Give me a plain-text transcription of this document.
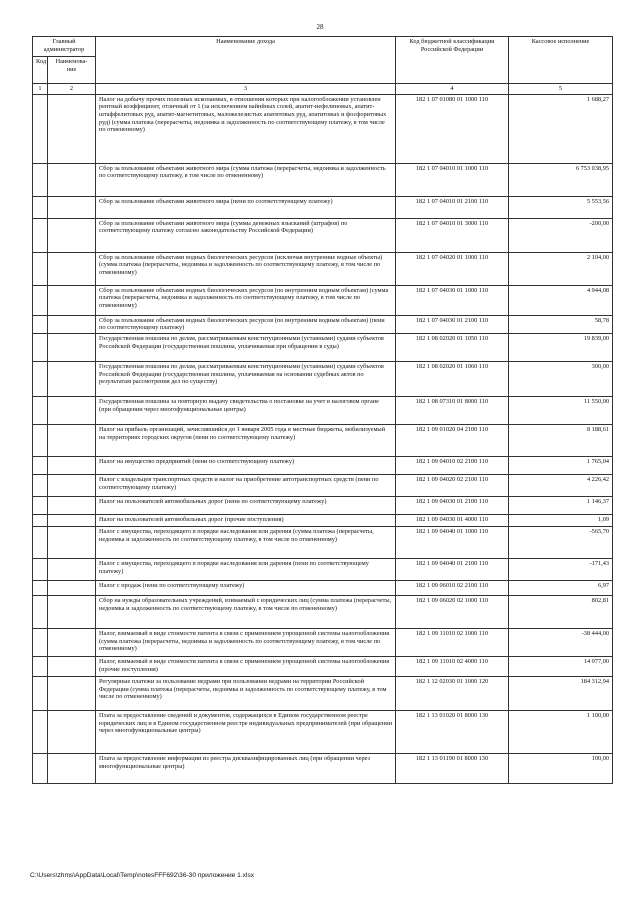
28
Главный администратор		Наименование дохода	Код бюджетной классификации Российской Федерации	Кассовое исполнение
Код	Наименова-ние			
1	2	3	4	5
		Налог на добычу прочих полезных ископаемых, в отношении которых при налогообложении установлен рентный коэффициент, отличный от 1 (за исключением вайнйных солей, апатит-нефелиновых, апатит-штаффелитовых руд, апатит-магнетитовых, маложелезистых апатитовых руд, апатитовых и фосфоритовых руд) (сумма платежа (перерасчеты, недоимка и задолженность по соответствующему платежу, в том числе по отмененному)	182 1 07 01080 01 1000 110	1 688,27
		Сбор за пользование объектами животного мира (сумма платежа (перерасчеты, недоимка и задолженность по соответствующему платежу, в том числе по отмененному)	182 1 07 04010 01 1000 110	6 753 038,95
		Сбор за пользование объектами животного мира (пени по соответствующему платежу)	182 1 07 04010 01 2100 110	5 553,56
		Сбор за пользование объектами животного мира (суммы денежных взысканий (штрафов) по соответствующему платежу согласно законодательству Российской Федерации)	182 1 07 04010 01 3000 110	-200,00
		Сбор за пользование объектами водных биологических ресурсов (исключая внутренние водные объекты) (сумма платежа (перерасчеты, недоимка и задолженность по соответствующему платежу, в том числе по отмененному)	182 1 07 04020 01 1000 110	2 104,00
		Сбор за пользование объектами водных биологических ресурсов (по внутренним водным объектам) (сумма платежа (перерасчеты, недоимка и задолженность по соответствующему платежу, в том числе по отмененному)	182 1 07 04030 01 1000 110	4 944,08
		Сбор за пользование объектами водных биологических ресурсов (по внутренним водным объектам) (пени по соответствующему платежу)	182 1 07 04030 01 2100 110	58,78
		Государственная пошлина по делам, рассматриваемым конституционными (уставными) судами субъектов Российской Федерации (государственная пошлина, уплачиваемая при обращении в суды)	182 1 08 02020 01 1050 110	19 839,00
		Государственная пошлина по делам, рассматриваемым конституционными (уставными) судами субъектов Российской Федерации (государственная пошлина, уплачиваемая на основании судебных актов по результатам рассмотрения дел по существу)	182 1 08 02020 01 1060 110	300,00
		Государственная пошлина за повторную выдачу свидетельства о постановке на учет в налоговом органе (при обращении через многофункциональные центры)	182 1 08 07310 01 8000 110	11 550,00
		Налог на прибыль организаций, зачислявшийся до 1 января 2005 года в местные бюджеты, мобилизуемый на территориях городских округов (пени по соответствующему платежу)	182 1 09 01020 04 2100 110	8 188,61
		Налог на имущество предприятий (пени по соответствующему платежу)	182 1 09 04010 02 2100 110	1 765,04
		Налог с владельцев транспортных средств и налог на приобретение автотранспортных средств (пени по соответствующему платежу)	182 1 09 04020 02 2100 110	4 226,42
		Налог на пользователей автомобильных дорог (пени по соответствующему платежу)	182 1 09 04030 01 2100 110	1 146,37
		Налог на пользователей автомобильных дорог (прочие поступления)	182 1 09 04030 01 4000 110	1,09
		Налог с имущества, переходящего в порядке наследования или дарения (сумма платежа (перерасчеты, недоимка и задолженность по соответствующему платежу, в том числе по отмененному)	182 1 09 04040 01 1000 110	-565,70
		Налог с имущества, переходящего в порядке наследования или дарения (пени по соответствующему платежу)	182 1 09 04040 01 2100 110	-171,43
		Налог с продаж (пени по соответствующему платежу)	182 1 09 06010 02 2100 110	6,97
		Сбор на нужды образовательных учреждений, взимаемый с юридических лиц (сумма платежа (перерасчеты, недоимка и задолженность по соответствующему платежу, в том числе по отмененному)	182 1 09 06020 02 1000 110	802,81
		Налог, взимаемый в виде стоимости патента в связи с применением упрощенной системы налогообложения (сумма платежа (перерасчеты, недоимка и задолженность по соответствующему платежу, в том числе по отмененному)	182 1 09 11010 02 1000 110	-38 444,00
		Налог, взимаемый в виде стоимости патента в связи с применением упрощенной системы налогообложения (прочие поступления)	182 1 09 11010 02 4000 110	14 977,00
		Регулярные платежи за пользование недрами при пользовании недрами на территории Российской Федерации (сумма платежа (перерасчеты, недоимка и задолженность по соответствующему платежу, в том числе по отмененному)	182 1 12 02030 01 1000 120	184 312,94
		Плата за предоставление сведений и документов, содержащихся в Едином государственном реестре юридических лиц и в Едином государственном реестре индивидуальных предпринимателей (при обращении через многофункциональные центры)	182 1 13 01020 01 8000 130	1 100,00
		Плата за предоставление информации из реестра дисквалифицированных лиц (при обращении через многофункциональные центры)	182 1 13 01190 01 8000 130	100,00
C:\Users\zhms\AppData\Local\Temp\notesFFF692\36-30 приложение 1.xlsx
